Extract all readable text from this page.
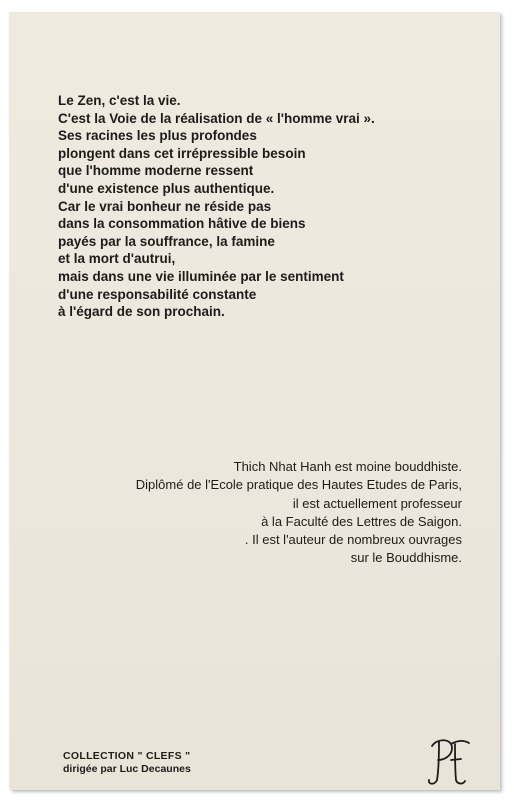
Le Zen, c'est la vie.
C'est la Voie de la réalisation de « l'homme vrai ».
Ses racines les plus profondes
plongent dans cet irrépressible besoin
que l'homme moderne ressent
d'une existence plus authentique.
Car le vrai bonheur ne réside pas
dans la consommation hâtive de biens
payés par la souffrance, la famine
et la mort d'autrui,
mais dans une vie illuminée par le sentiment
d'une responsabilité constante
à l'égard de son prochain.
Thich Nhat Hanh est moine bouddhiste.
Diplômé de l'Ecole pratique des Hautes Etudes de Paris,
il est actuellement professeur
à la Faculté des Lettres de Saigon.
. Il est l'auteur de nombreux ouvrages
sur le Bouddhisme.
COLLECTION " CLEFS "
dirigée par Luc Decaunes
